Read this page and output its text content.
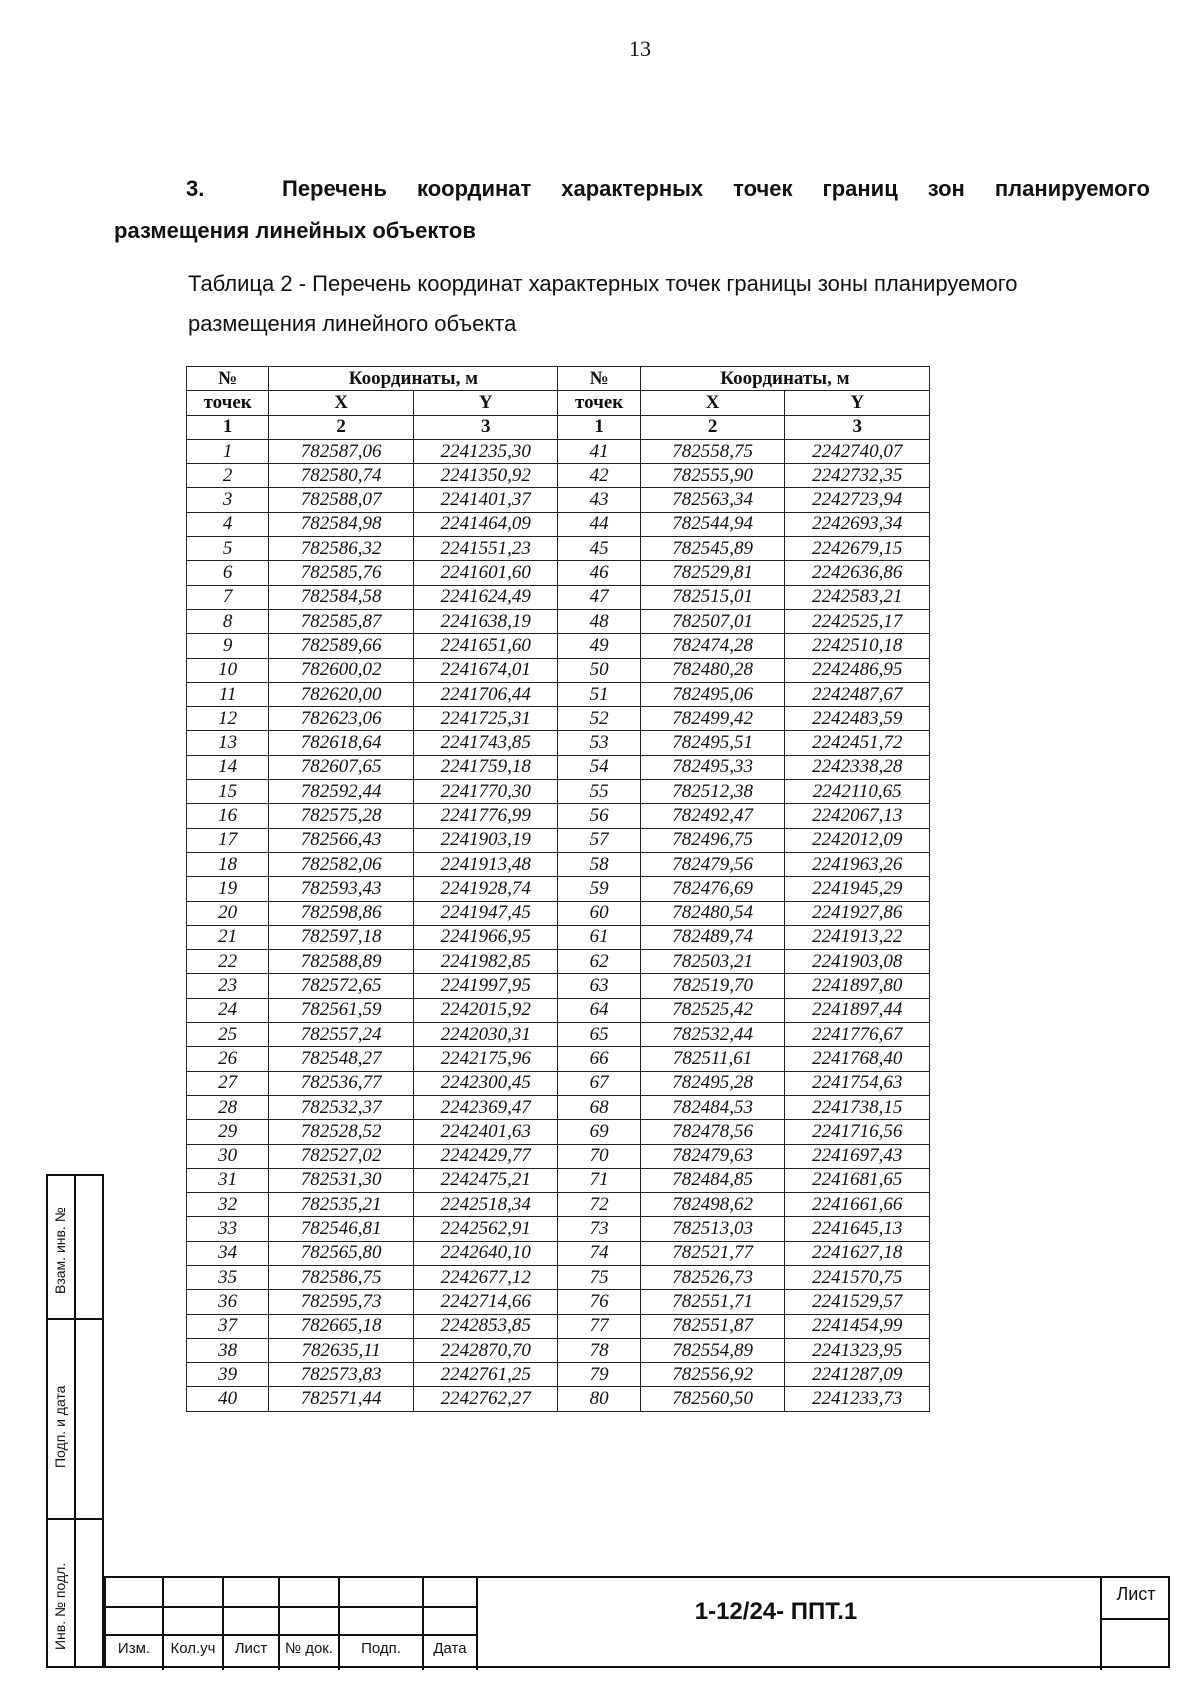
13
3.	Перечень координат характерных точек границ зон планируемого
размещения линейных объектов
Таблица 2 - Перечень координат характерных точек границы зоны планируемого
размещения линейного объекта
№	Координаты, м		№	Координаты, м	
точек	X	Y	точек	X	Y
1	2	3	1	2	3
1	782587,06	2241235,30	41	782558,75	2242740,07
2	782580,74	2241350,92	42	782555,90	2242732,35
3	782588,07	2241401,37	43	782563,34	2242723,94
4	782584,98	2241464,09	44	782544,94	2242693,34
5	782586,32	2241551,23	45	782545,89	2242679,15
6	782585,76	2241601,60	46	782529,81	2242636,86
7	782584,58	2241624,49	47	782515,01	2242583,21
8	782585,87	2241638,19	48	782507,01	2242525,17
9	782589,66	2241651,60	49	782474,28	2242510,18
10	782600,02	2241674,01	50	782480,28	2242486,95
11	782620,00	2241706,44	51	782495,06	2242487,67
12	782623,06	2241725,31	52	782499,42	2242483,59
13	782618,64	2241743,85	53	782495,51	2242451,72
14	782607,65	2241759,18	54	782495,33	2242338,28
15	782592,44	2241770,30	55	782512,38	2242110,65
16	782575,28	2241776,99	56	782492,47	2242067,13
17	782566,43	2241903,19	57	782496,75	2242012,09
18	782582,06	2241913,48	58	782479,56	2241963,26
19	782593,43	2241928,74	59	782476,69	2241945,29
20	782598,86	2241947,45	60	782480,54	2241927,86
21	782597,18	2241966,95	61	782489,74	2241913,22
22	782588,89	2241982,85	62	782503,21	2241903,08
23	782572,65	2241997,95	63	782519,70	2241897,80
24	782561,59	2242015,92	64	782525,42	2241897,44
25	782557,24	2242030,31	65	782532,44	2241776,67
26	782548,27	2242175,96	66	782511,61	2241768,40
27	782536,77	2242300,45	67	782495,28	2241754,63
28	782532,37	2242369,47	68	782484,53	2241738,15
29	782528,52	2242401,63	69	782478,56	2241716,56
30	782527,02	2242429,77	70	782479,63	2241697,43
31	782531,30	2242475,21	71	782484,85	2241681,65
32	782535,21	2242518,34	72	782498,62	2241661,66
33	782546,81	2242562,91	73	782513,03	2241645,13
34	782565,80	2242640,10	74	782521,77	2241627,18
35	782586,75	2242677,12	75	782526,73	2241570,75
36	782595,73	2242714,66	76	782551,71	2241529,57
37	782665,18	2242853,85	77	782551,87	2241454,99
38	782635,11	2242870,70	78	782554,89	2241323,95
39	782573,83	2242761,25	79	782556,92	2241287,09
40	782571,44	2242762,27	80	782560,50	2241233,73
Взам. инв. №
Подп. и дата
Инв. № подл.	Изм.	Кол.уч	Лист	№ док.	Подп.	Дата
1-12/24- ППТ.1
Лист
